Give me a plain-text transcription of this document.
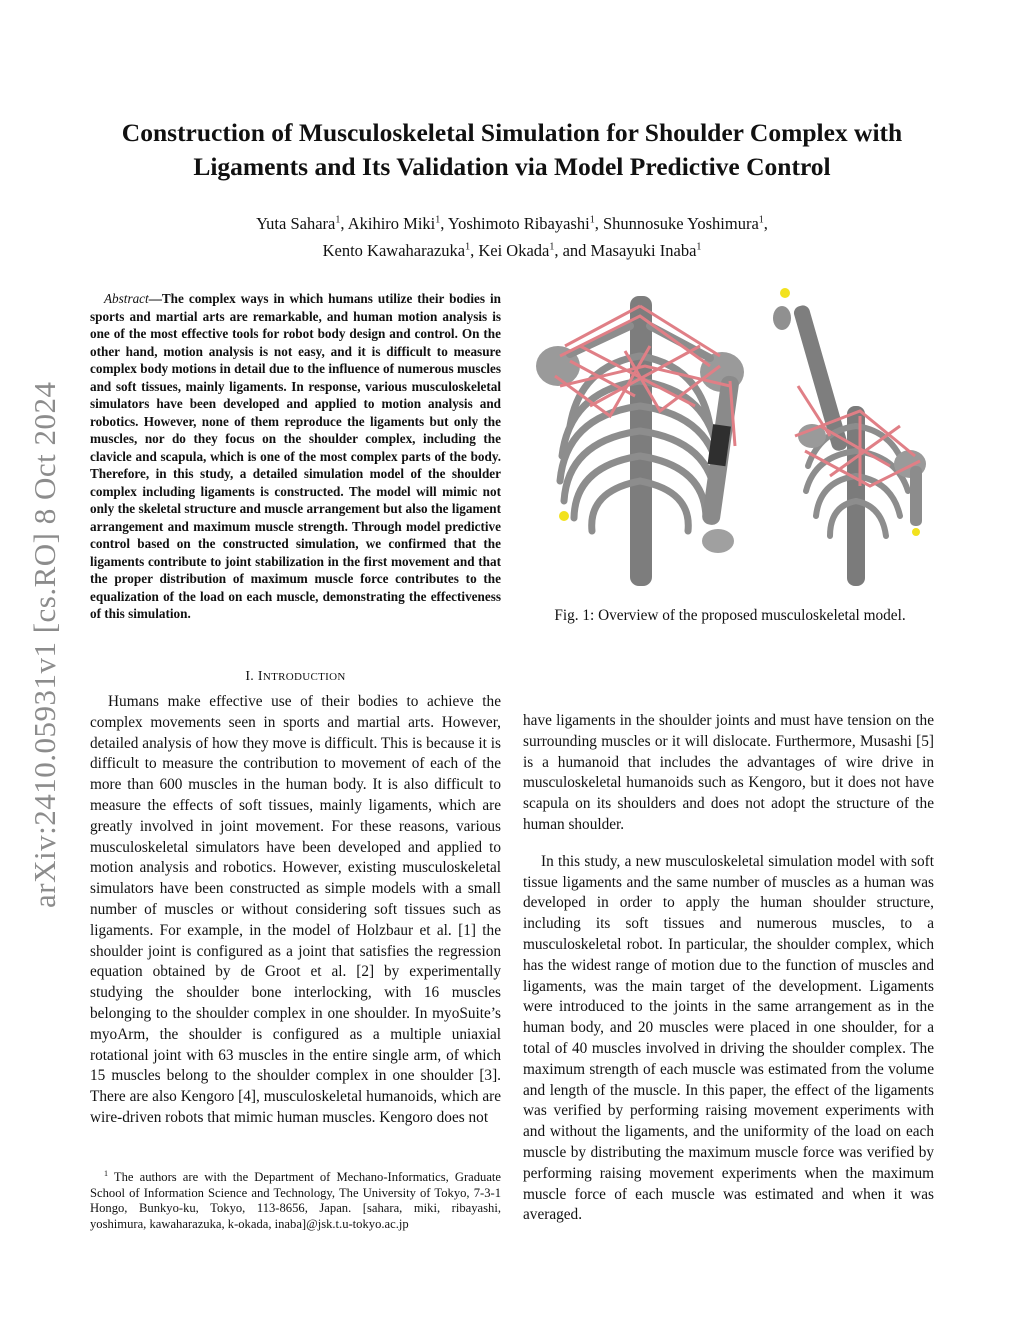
arXiv:2410.05931v1 [cs.RO] 8 Oct 2024
Construction of Musculoskeletal Simulation for Shoulder Complex with Ligaments and Its Validation via Model Predictive Control
Yuta Sahara$^1$, Akihiro Miki$^1$, Yoshimoto Ribayashi$^1$, Shunnosuke Yoshimura$^1$,
Kento Kawaharazuka$^1$, Kei Okada$^1$, and Masayuki Inaba$^1$

Abstract—The complex ways in which humans utilize their bodies in sports and martial arts are remarkable, and human motion analysis is one of the most effective tools for robot body design and control. On the other hand, motion analysis is not easy, and it is difficult to measure complex body motions in detail due to the influence of numerous muscles and soft tissues, mainly ligaments. In response, various musculoskeletal simulators have been developed and applied to motion analysis and robotics. However, none of them reproduce the ligaments but only the muscles, nor do they focus on the shoulder complex, including the clavicle and scapula, which is one of the most complex parts of the body. Therefore, in this study, a detailed simulation model of the shoulder complex including ligaments is constructed. The model will mimic not only the skeletal structure and muscle arrangement but also the ligament arrangement and maximum muscle strength. Through model predictive control based on the constructed simulation, we confirmed that the ligaments contribute to joint stabilization in the first movement and that the proper distribution of maximum muscle force contributes to the equalization of the load on each muscle, demonstrating the effectiveness of this simulation.

I. INTRODUCTION

Humans make effective use of their bodies to achieve the complex movements seen in sports and martial arts. However, detailed analysis of how they move is difficult. This is because it is difficult to measure the contribution to movement of each of the more than 600 muscles in the human body. It is also difficult to measure the effects of soft tissues, mainly ligaments, which are greatly involved in joint movement. For these reasons, various musculoskeletal simulators have been developed and applied to motion analysis and robotics. However, existing musculoskeletal simulators have been constructed as simple models with a small number of muscles or without considering soft tissues such as ligaments. For example, in the model of Holzbaur et al. [1] the shoulder joint is configured as a joint that satisfies the regression equation obtained by de Groot et al. [2] by experimentally studying the shoulder bone interlocking, with 16 muscles belonging to the shoulder complex in one shoulder. In myoSuite’s myoArm, the shoulder is configured as a multiple uniaxial rotational joint with 63 muscles in the entire single arm, of which 15 muscles belong to the shoulder complex in one shoulder [3]. There are also Kengoro [4], musculoskeletal humanoids, which are wire-driven robots that mimic human muscles. Kengoro does not

$^1$ The authors are with the Department of Mechano-Informatics, Graduate School of Information Science and Technology, The University of Tokyo, 7-3-1 Hongo, Bunkyo-ku, Tokyo, 113-8656, Japan. [sahara, miki, ribayashi, yoshimura, kawaharazuka, k-okada, inaba]@jsk.t.u-tokyo.ac.jp

Fig. 1: Overview of the proposed musculoskeletal model.

have ligaments in the shoulder joints and must have tension on the surrounding muscles or it will dislocate. Furthermore, Musashi [5] is a humanoid that includes the advantages of wire drive in musculoskeletal humanoids such as Kengoro, but it does not have scapula on its shoulders and does not adopt the structure of the human shoulder.

In this study, a new musculoskeletal simulation model with soft tissue ligaments and the same number of muscles as a human was developed in order to apply the human shoulder structure, including its soft tissues and numerous muscles, to a musculoskeletal robot. In particular, the shoulder complex, which has the widest range of motion due to the function of muscles and ligaments, was the main target of the development. Ligaments were introduced to the joints in the same arrangement as in the human body, and 20 muscles were placed in one shoulder, for a total of 40 muscles involved in driving the shoulder complex. The maximum strength of each muscle was estimated from the volume and length of the muscle. In this paper, the effect of the ligaments was verified by performing raising movement experiments with and without the ligaments, and the uniformity of the load on each muscle by distributing the maximum muscle force was verified by performing raising movement experiments when the maximum muscle force of each muscle was estimated and when it was averaged.
